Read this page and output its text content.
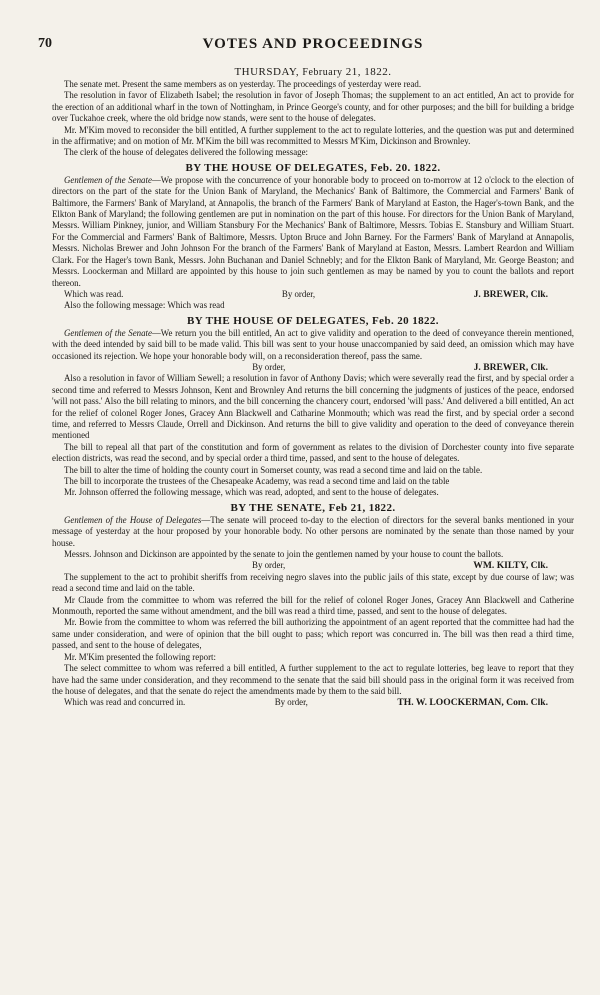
70	VOTES AND PROCEEDINGS
THURSDAY, February 21, 1822.

The senate met. Present the same members as on yesterday. The proceedings of yesterday were read.

The resolution in favor of Elizabeth Isabel; the resolution in favor of Joseph Thomas; the supplement to an act entitled, An act to provide for the erection of an additional wharf in the town of Nottingham, in Prince George's county, and for other purposes; and the bill for building a bridge over Tuckahoe creek, where the old bridge now stands, were sent to the house of delegates.

Mr. M'Kim moved to reconsider the bill entitled, A further supplement to the act to regulate lotteries, and the question was put and determined in the affirmative; and on motion of Mr. M'Kim the bill was recommitted to Messrs M'Kim, Dickinson and Brownley.

The clerk of the house of delegates delivered the following message:

BY THE HOUSE OF DELEGATES, Feb. 20. 1822.

Gentlemen of the Senate—We propose with the concurrence of your honorable body to proceed on to-morrow at 12 o'clock to the election of directors on the part of the state for the Union Bank of Maryland, the Mechanics' Bank of Baltimore, the Commercial and Farmers' Bank of Baltimore, the Farmers' Bank of Maryland, at Annapolis, the branch of the Farmers' Bank of Maryland at Easton, the Hager's-town Bank, and the Elkton Bank of Maryland; the following gentlemen are put in nomination on the part of this house. For directors for the Union Bank of Maryland, Messrs. William Pinkney, junior, and William Stansbury For the Mechanics' Bank of Baltimore, Messrs. Tobias E. Stansbury and William Stuart. For the Commercial and Farmers' Bank of Baltimore, Messrs. Upton Bruce and John Barney. For the Farmers' Bank of Maryland at Annapolis, Messrs. Nicholas Brewer and John Johnson For the branch of the Farmers' Bank of Maryland at Easton, Messrs. Lambert Reardon and William Clark. For the Hager's town Bank, Messrs. John Buchanan and Daniel Schnebly; and for the Elkton Bank of Maryland, Mr. George Beaston; and Messrs. Loockerman and Millard are appointed by this house to join such gentlemen as may be named by you to count the ballots and report thereon.

Which was read.	By order,	J. BREWER, Clk.

Also the following message: Which was read

BY THE HOUSE OF DELEGATES, Feb. 20 1822.

Gentlemen of the Senate—We return you the bill entitled, An act to give validity and operation to the deed of conveyance therein mentioned, with the deed intended by said bill to be made valid. This bill was sent to your house unaccompanied by said deed, an omission which may have occasioned its rejection. We hope your honorable body will, on a reconsideration thereof, pass the same.

By order,	J. BREWER, Clk.

Also a resolution in favor of William Sewell; a resolution in favor of Anthony Davis; which were severally read the first, and by special order a second time and referred to Messrs Johnson, Kent and Brownley And returns the bill concerning the judgments of justices of the peace, endorsed 'will not pass.' Also the bill relating to minors, and the bill concerning the chancery court, endorsed 'will pass.' And delivered a bill entitled, An act for the relief of colonel Roger Jones, Gracey Ann Blackwell and Catharine Monmouth; which was read the first, and by special order a second time, and referred to Messrs Claude, Orrell and Dickinson. And returns the bill to give validity and operation to the deed of conveyance therein mentioned

The bill to repeal all that part of the constitution and form of government as relates to the division of Dorchester county into five separate election districts, was read the second, and by special order a third time, passed, and sent to the house of delegates.

The bill to alter the time of holding the county court in Somerset county, was read a second time and laid on the table.

The bill to incorporate the trustees of the Chesapeake Academy, was read a second time and laid on the table

Mr. Johnson offerred the following message, which was read, adopted, and sent to the house of delegates.

BY THE SENATE, Feb 21, 1822.

Gentlemen of the House of Delegates—The senate will proceed to-day to the election of directors for the several banks mentioned in your message of yesterday at the hour proposed by your honorable body. No other persons are nominated by the senate than those named by your house.

Messrs. Johnson and Dickinson are appointed by the senate to join the gentlemen named by your house to count the ballots.

By order,	WM. KILTY, Clk.

The supplement to the act to prohibit sheriffs from receiving negro slaves into the public jails of this state, except by due course of law; was read a second time and laid on the table.

Mr Claude from the committee to whom was referred the bill for the relief of colonel Roger Jones, Gracey Ann Blackwell and Catherine Monmouth, reported the same without amendment, and the bill was read a third time, passed, and sent to the house of delegates.

Mr. Bowie from the committee to whom was referred the bill authorizing the appointment of an agent reported that the committee had had the same under consideration, and were of opinion that the bill ought to pass; which report was concurred in. The bill was then read a third time, passed, and sent to the house of delegates,

Mr. M'Kim presented the following report:

The select committee to whom was referred a bill entitled, A further supplement to the act to regulate lotteries, beg leave to report that they have had the same under consideration, and they recommend to the senate that the said bill should pass in the original form it was received from the house of delegates, and that the senate do reject the amendments made by them to the said bill.

Which was read and concurred in.	By order,	TH. W. LOOCKERMAN, Com. Clk.
